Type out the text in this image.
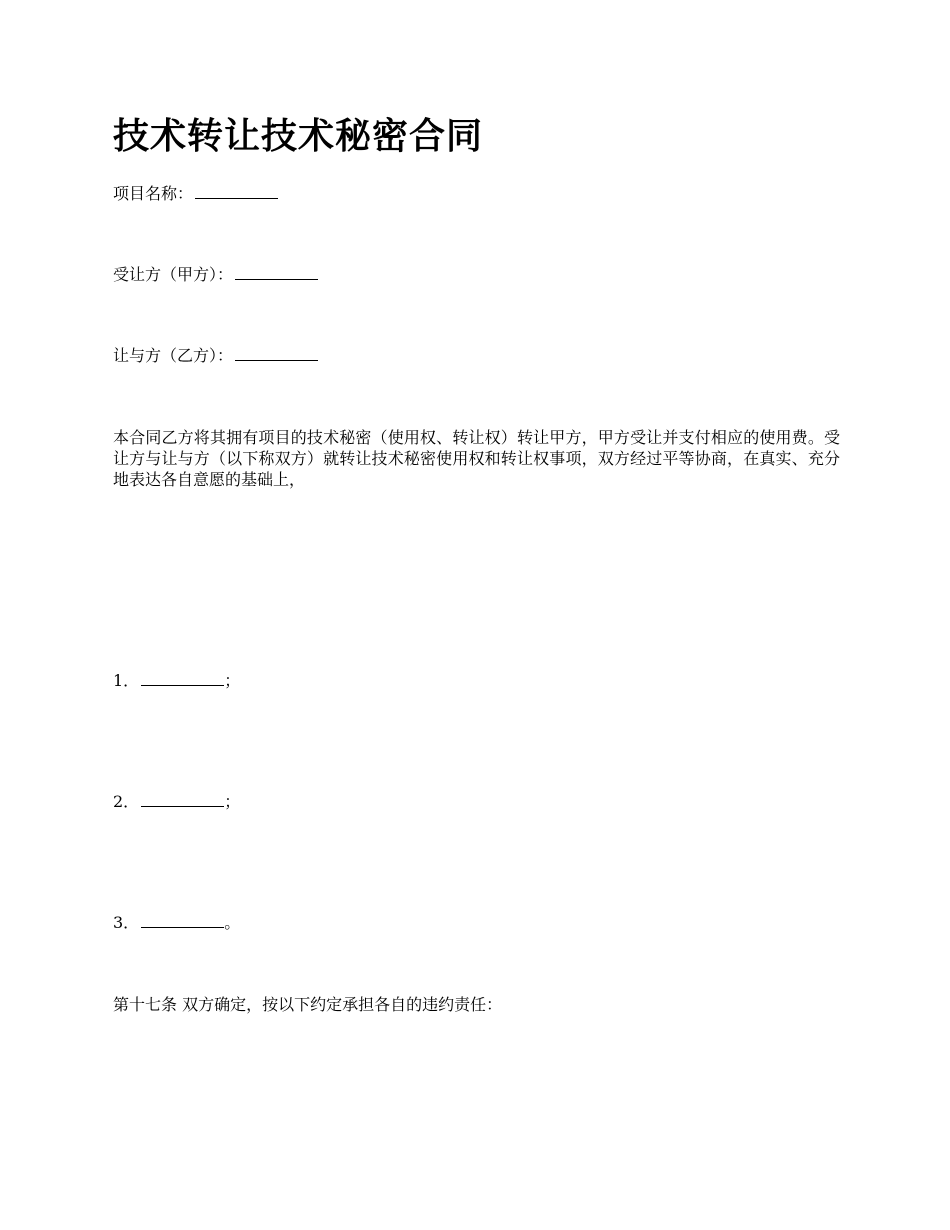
技术转让技术秘密合同
项目名称：
受让方（甲方）：
让与方（乙方）：
本合同乙方将其拥有项目的技术秘密（使用权、转让权）转让甲方，甲方受让并支付相应的使用费。受让方与让与方（以下称双方）就转让技术秘密使用权和转让权事项，双方经过平等协商，在真实、充分地表达各自意愿的基础上，
1．	；
2．	；
3．	。
第十七条 双方确定，按以下约定承担各自的违约责任：
